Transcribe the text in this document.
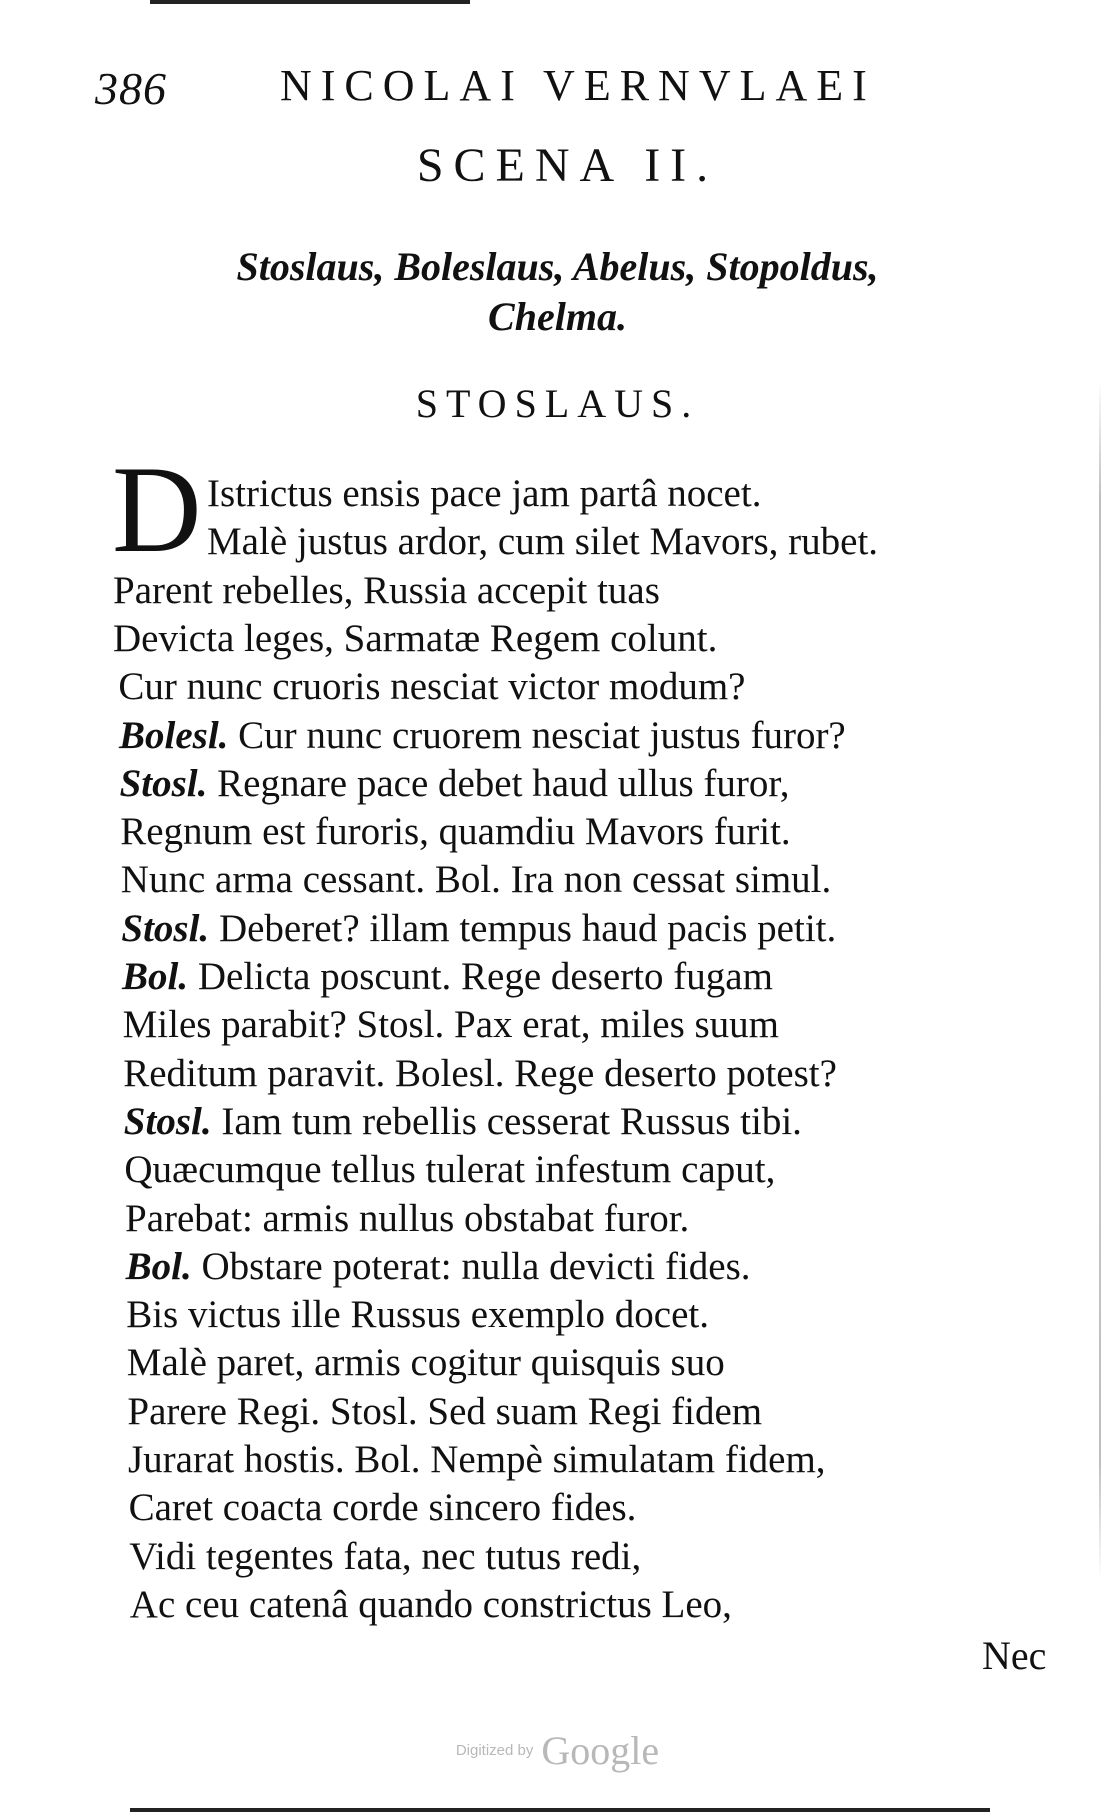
386	NICOLAI VERNVLAEI
SCENA II.
Stoslaus, Boleslaus, Abelus, Stopoldus,
Chelma.
STOSLAUS.
D Istrictus ensis pace jam partâ nocet.
Malè justus ardor, cum silet Mavors, rubet.
Parent rebelles, Russia accepit tuas
Devicta leges, Sarmatæ Regem colunt.
Cur nunc cruoris nesciat victor modum?
Bolesl. Cur nunc cruorem nesciat justus furor?
Stosl. Regnare pace debet haud ullus furor,
Regnum est furoris, quamdiu Mavors furit.
Nunc arma cessant. Bol. Ira non cessat simul.
Stosl. Deberet? illam tempus haud pacis petit.
Bol. Delicta poscunt. Rege deserto fugam
Miles parabit? Stosl. Pax erat, miles suum
Reditum paravit. Bolesl. Rege deserto potest?
Stosl. Iam tum rebellis cesserat Russus tibi.
Quæcumque tellus tulerat infestum caput,
Parebat: armis nullus obstabat furor.
Bol. Obstare poterat: nulla devicti fides.
Bis victus ille Russus exemplo docet.
Malè paret, armis cogitur quisquis suo
Parere Regi. Stosl. Sed suam Regi fidem
Jurarat hostis. Bol. Nempè simulatam fidem,
Caret coacta corde sincero fides.
Vidi tegentes fata, nec tutus redi,
Ac ceu catenâ quando constrictus Leo,
Nec
Digitized by Google
